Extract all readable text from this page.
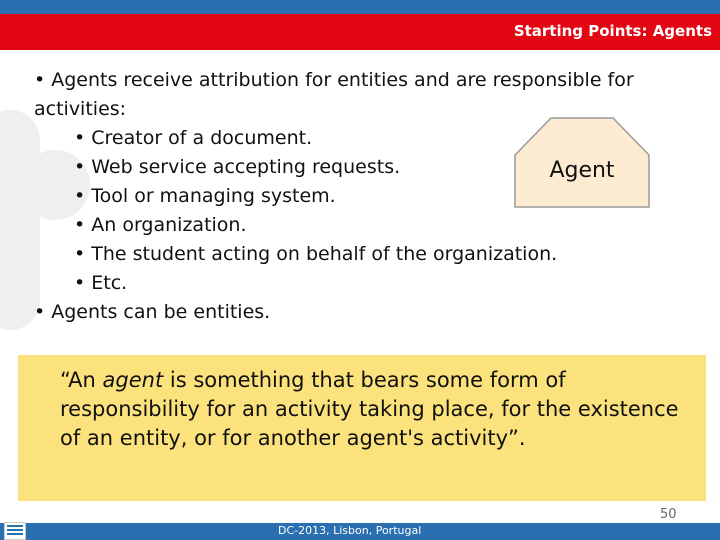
Starting Points: Agents
• Agents receive attribution for entities and are responsible for activities:
• Creator of a document.
• Web service accepting requests.
• Tool or managing system.
• An organization.
• The student acting on behalf of the organization.
• Etc.
• Agents can be entities.
Agent
“An agent is something that bears some form of responsibility for an activity taking place, for the existence of an entity, or for another agent's activity”.
50
DC-2013, Lisbon, Portugal
